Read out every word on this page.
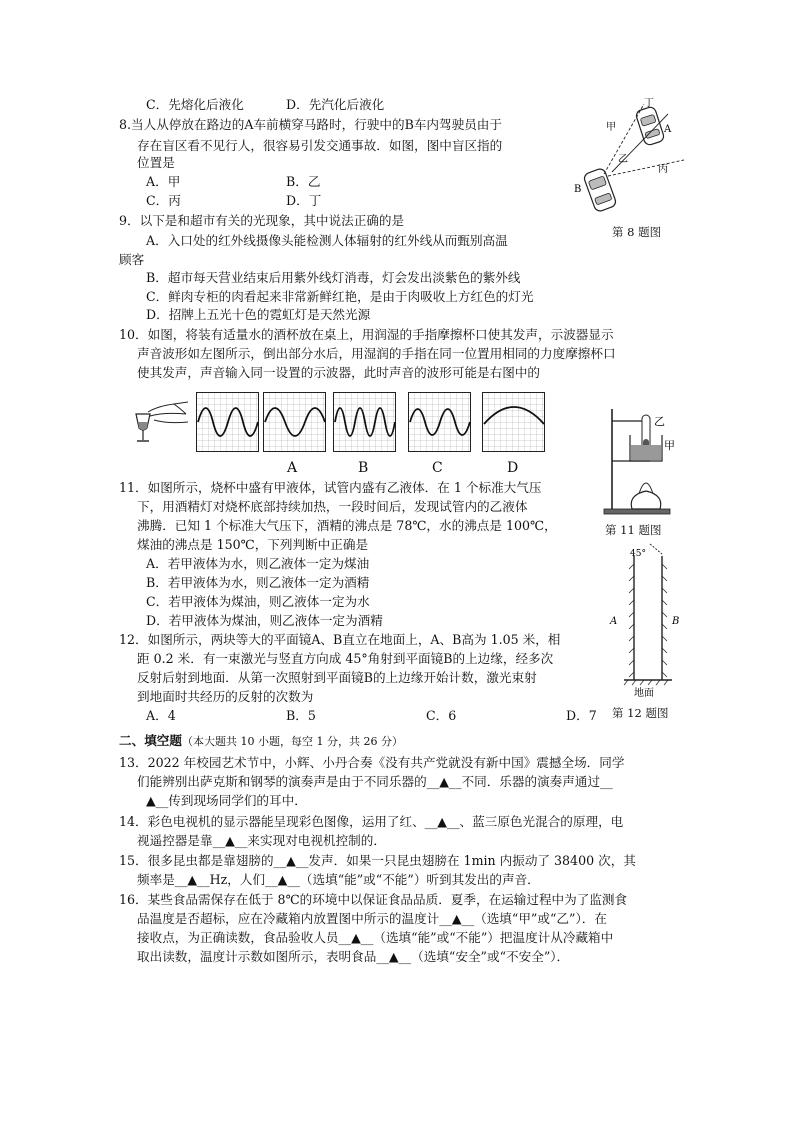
C．先熔化后液化	D．先汽化后液化
8.当人从停放在路边的A车前横穿马路时，行驶中的B车内驾驶员由于
存在盲区看不见行人，很容易引发交通事故．如图，图中盲区指的
位置是
A．甲	B．乙
C．丙	D．丁
甲
乙
丙
丁
A
B
第 8 题图
9．以下是和超市有关的光现象，其中说法正确的是
A．入口处的红外线摄像头能检测人体辐射的红外线从而甄别高温
顾客
B．超市每天营业结束后用紫外线灯消毒，灯会发出淡紫色的紫外线
C．鲜肉专柜的肉看起来非常新鲜红艳，是由于肉吸收上方红色的灯光
D．招牌上五光十色的霓虹灯是天然光源
10．如图，将装有适量水的酒杯放在桌上，用润湿的手指摩擦杯口使其发声，示波器显示
声音波形如左图所示，倒出部分水后，用湿润的手指在同一位置用相同的力度摩擦杯口
使其发声，声音输入同一设置的示波器，此时声音的波形可能是右图中的
A	B	C	D
乙
甲
第 11 题图
11．如图所示，烧杯中盛有甲液体，试管内盛有乙液体．在 1 个标准大气压
下，用酒精灯对烧杯底部持续加热，一段时间后，发现试管内的乙液体
沸腾．已知 1 个标准大气压下，酒精的沸点是 78℃，水的沸点是 100℃，
煤油的沸点是 150℃，下列判断中正确是
A．若甲液体为水，则乙液体一定为煤油
B．若甲液体为水，则乙液体一定为酒精
C．若甲液体为煤油，则乙液体一定为水
D．若甲液体为煤油，则乙液体一定为酒精
45°
A	B
地面
第 12 题图
12．如图所示，两块等大的平面镜A、B直立在地面上，A、B高为 1.05 米，相
距 0.2 米．有一束激光与竖直方向成 45°角射到平面镜B的上边缘，经多次
反射后射到地面．从第一次照射到平面镜B的上边缘开始计数，激光束射
到地面时共经历的反射的次数为
A．4	B．5	C．6	D．7
二、填空题（本大题共 10 小题，每空 1 分，共 26 分）
13．2022 年校园艺术节中，小辉、小丹合奏《没有共产党就没有新中国》震撼全场．同学
们能辨别出萨克斯和钢琴的演奏声是由于不同乐器的__▲__不同．乐器的演奏声通过__
▲__传到现场同学们的耳中．
14．彩色电视机的显示器能呈现彩色图像，运用了红、__▲__、蓝三原色光混合的原理，电
视遥控器是靠__▲__来实现对电视机控制的．
15．很多昆虫都是靠翅膀的__▲__发声．如果一只昆虫翅膀在 1min 内振动了 38400 次，其
频率是__▲__Hz，人们__▲__（选填“能”或“不能”）听到其发出的声音．
16．某些食品需保存在低于 8℃的环境中以保证食品品质．夏季，在运输过程中为了监测食
品温度是否超标，应在冷藏箱内放置图中所示的温度计__▲__（选填“甲”或“乙”）．在
接收点，为正确读数，食品验收人员__▲__（选填“能”或“不能”）把温度计从冷藏箱中
取出读数，温度计示数如图所示，表明食品__▲__（选填“安全”或“不安全”）．
